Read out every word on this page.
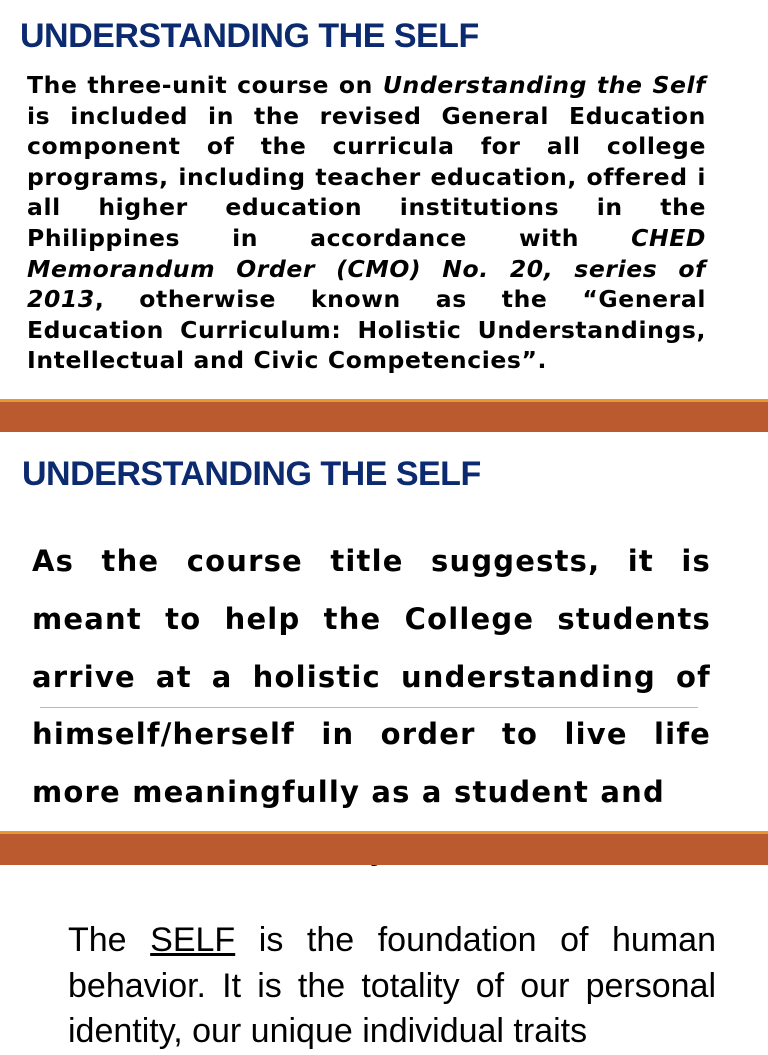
UNDERSTANDING THE SELF

The three-unit course on Understanding the Self is included in the revised General Education component of the curricula for all college programs, including teacher education, offered i all higher education institutions in the Philippines in accordance with CHED Memorandum Order (CMO) No. 20, series of 2013, otherwise known as the “General Education Curriculum: Holistic Understandings, Intellectual and Civic Competencies”.

UNDERSTANDING THE SELF

As the course title suggests, it is meant to help the College students arrive at a holistic understanding of himself/herself in order to live life more meaningfully as a student and

The SELF is the foundation of human behavior. It is the totality of our personal identity, our unique individual traits
